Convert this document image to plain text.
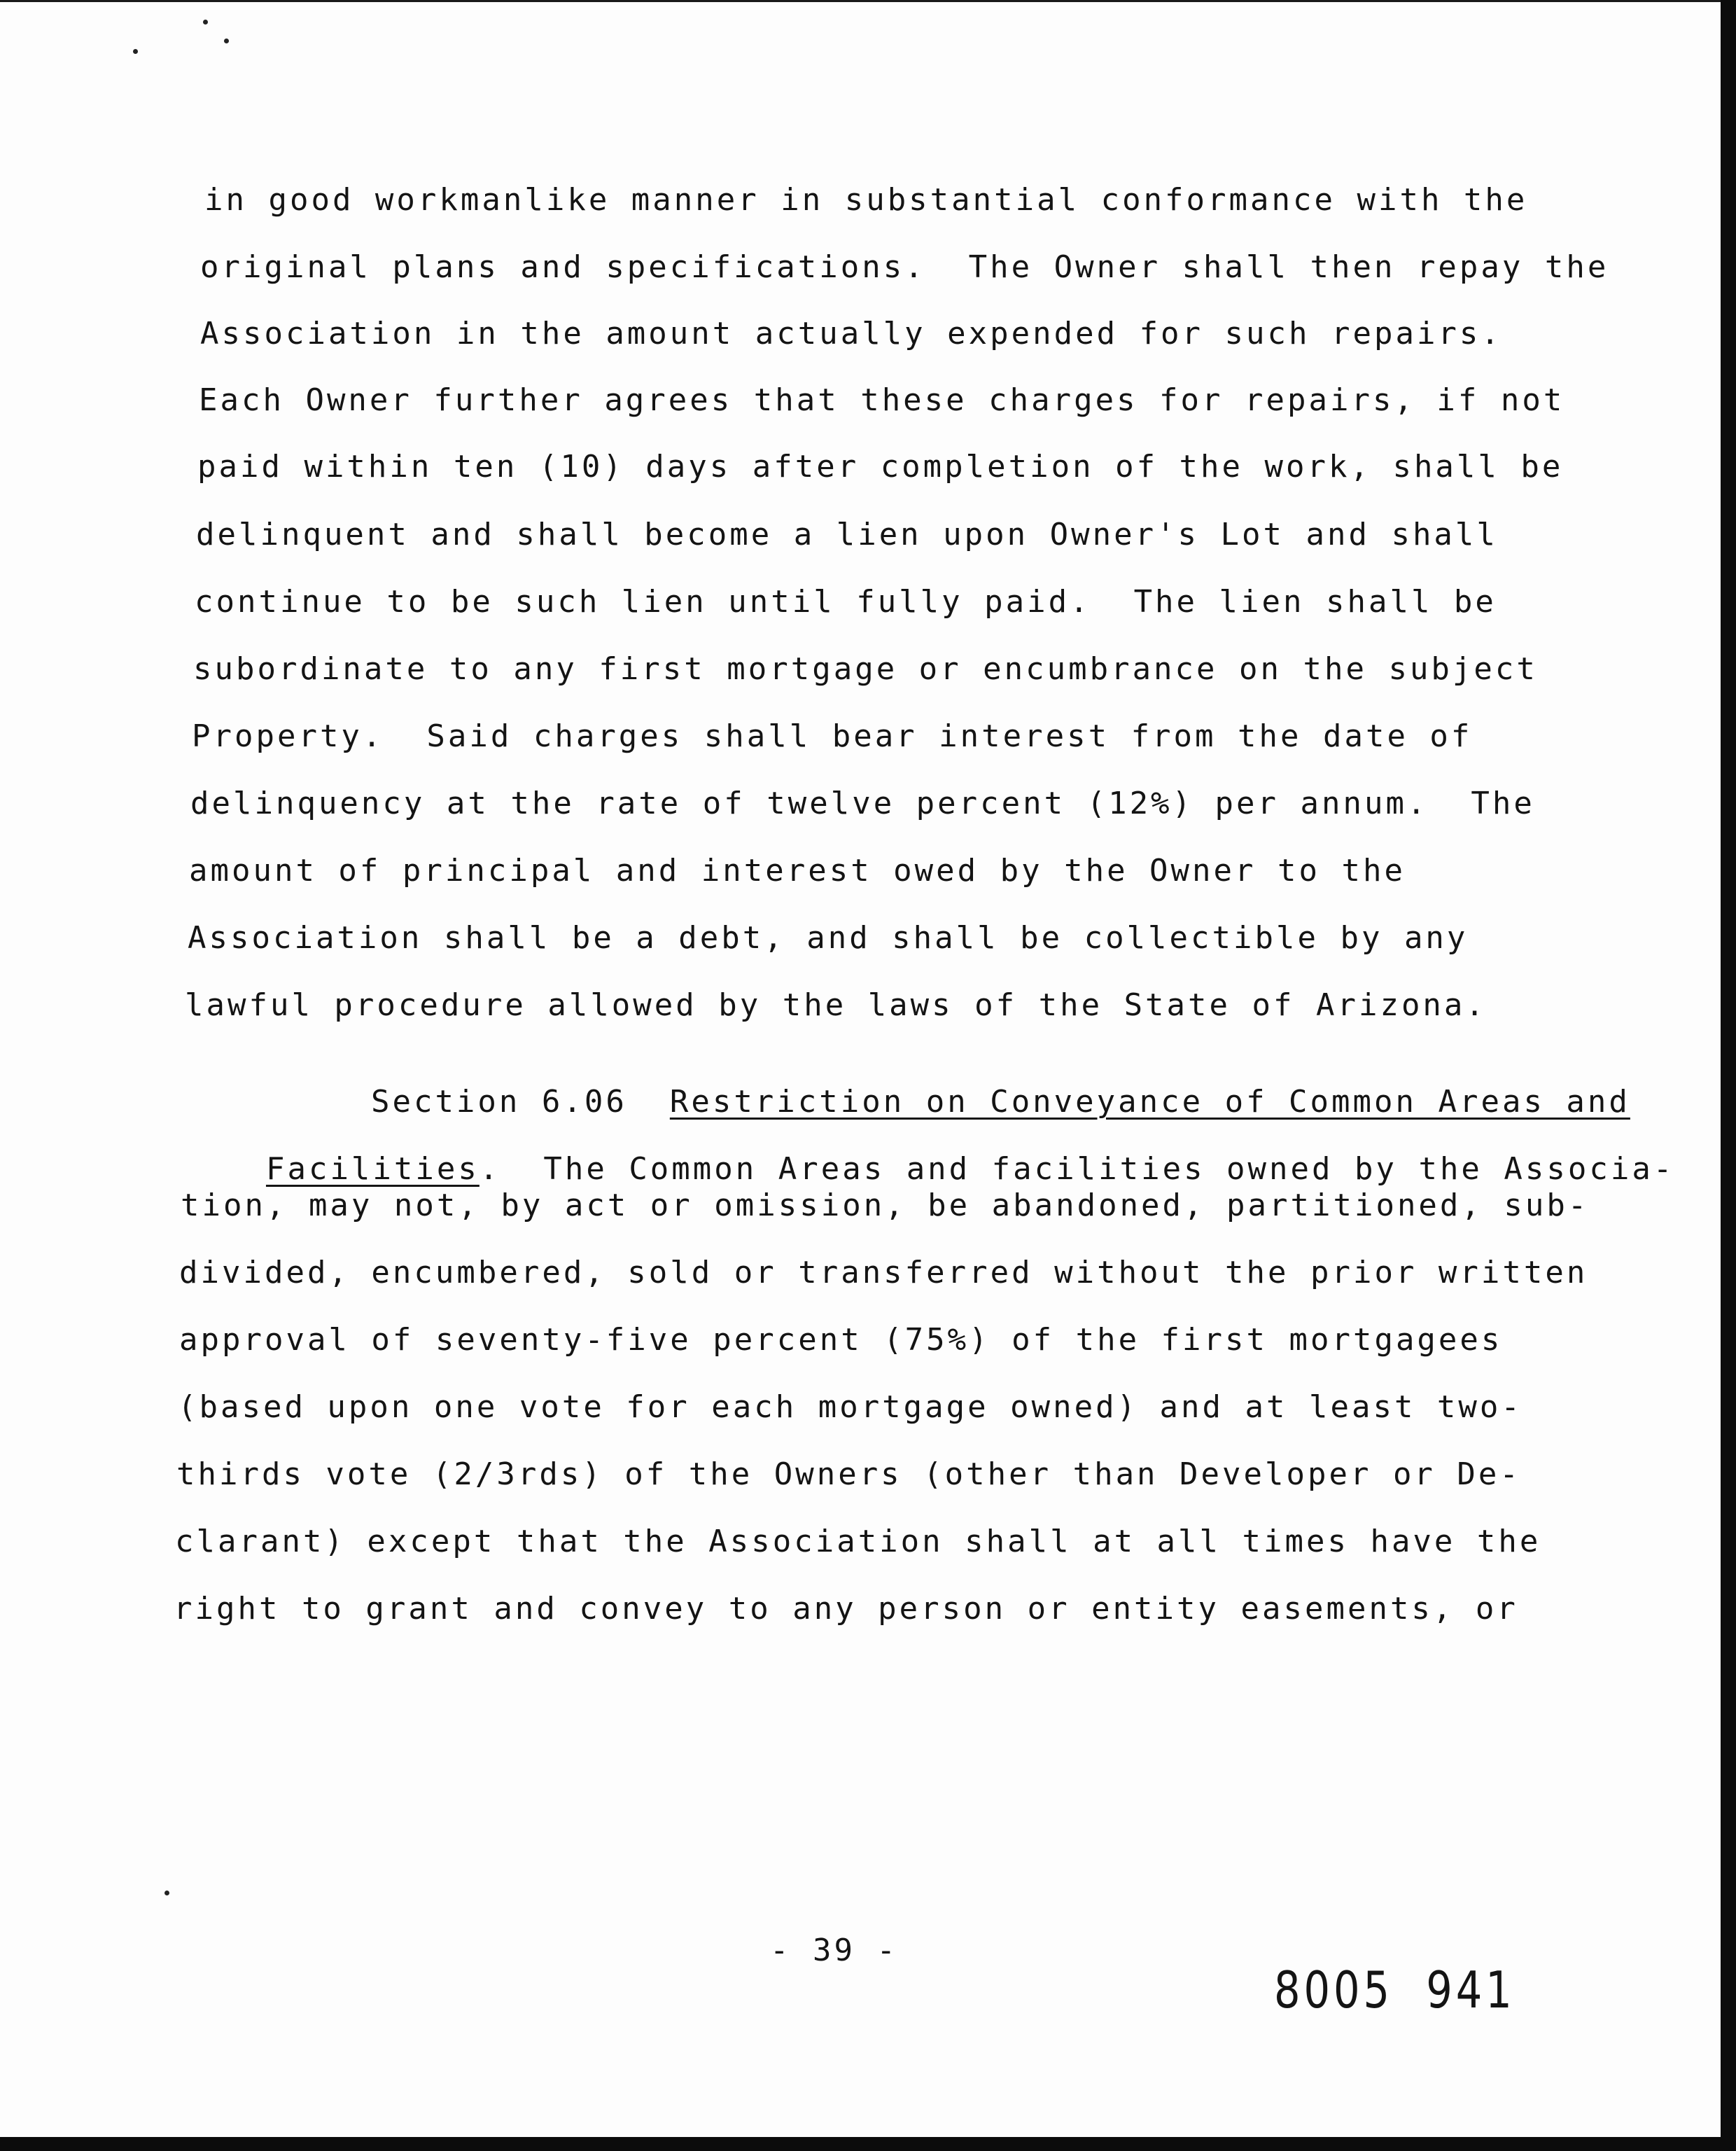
in good workmanlike manner in substantial conformance with the
original plans and specifications.  The Owner shall then repay the
Association in the amount actually expended for such repairs.
Each Owner further agrees that these charges for repairs, if not
paid within ten (10) days after completion of the work, shall be
delinquent and shall become a lien upon Owner's Lot and shall
continue to be such lien until fully paid.  The lien shall be
subordinate to any first mortgage or encumbrance on the subject
Property.  Said charges shall bear interest from the date of
delinquency at the rate of twelve percent (12%) per annum.  The
amount of principal and interest owed by the Owner to the
Association shall be a debt, and shall be collectible by any
lawful procedure allowed by the laws of the State of Arizona.

Section 6.06 Restriction on Conveyance of Common Areas and

Facilities.  The Common Areas and facilities owned by the Associa-

tion, may not, by act or omission, be abandoned, partitioned, sub-
divided, encumbered, sold or transferred without the prior written
approval of seventy-five percent (75%) of the first mortgagees
(based upon one vote for each mortgage owned) and at least two-
thirds vote (2/3rds) of the Owners (other than Developer or De-
clarant) except that the Association shall at all times have the
right to grant and convey to any person or entity easements, or
- 39 -
8005  941
